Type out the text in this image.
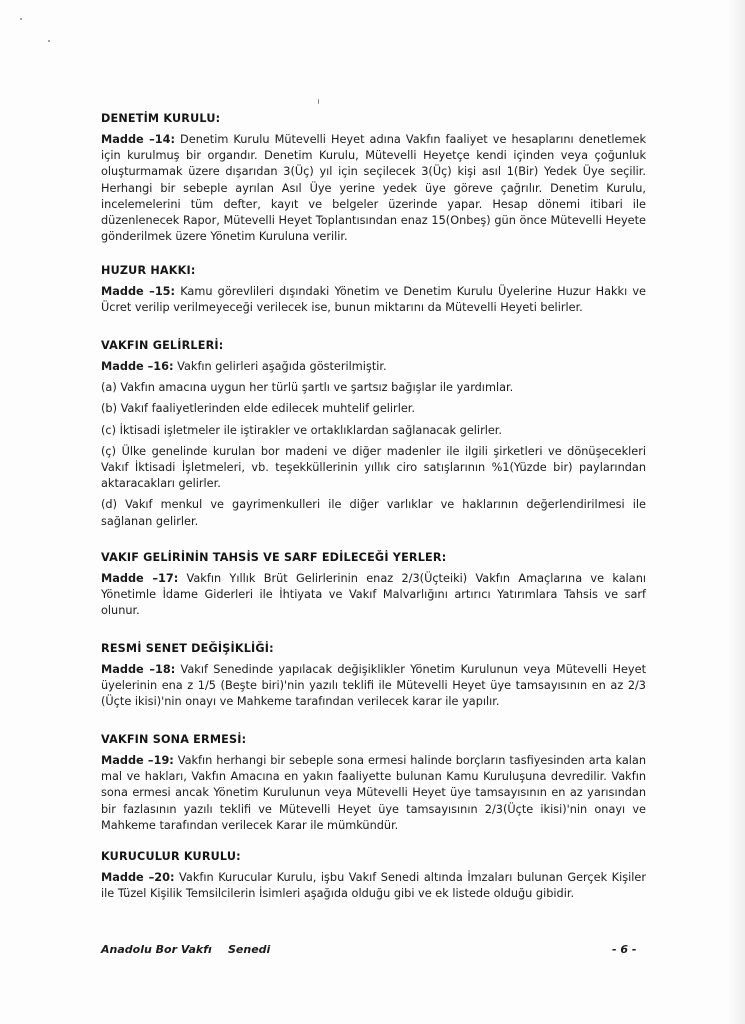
DENETİM KURULU:

Madde –14: Denetim Kurulu Mütevelli Heyet adına Vakfın faaliyet ve hesaplarını denetlemek için kurulmuş bir organdır. Denetim Kurulu, Mütevelli Heyetçe kendi içinden veya çoğunluk oluşturmamak üzere dışarıdan 3(Üç) yıl için seçilecek 3(Üç) kişi asıl 1(Bir) Yedek Üye seçilir. Herhangi bir sebeple ayrılan Asıl Üye yerine yedek üye göreve çağrılır. Denetim Kurulu, incelemelerini tüm defter, kayıt ve belgeler üzerinde yapar. Hesap dönemi itibari ile düzenlenecek Rapor, Mütevelli Heyet Toplantısından enaz 15(Onbeş) gün önce Mütevelli Heyete gönderilmek üzere Yönetim Kuruluna verilir.

HUZUR HAKKI:

Madde –15: Kamu görevlileri dışındaki Yönetim ve Denetim Kurulu Üyelerine Huzur Hakkı ve Ücret verilip verilmeyeceği verilecek ise, bunun miktarını da Mütevelli Heyeti belirler.

VAKFIN GELİRLERİ:

Madde –16: Vakfın gelirleri aşağıda gösterilmiştir.

(a) Vakfın amacına uygun her türlü şartlı ve şartsız bağışlar ile yardımlar.

(b) Vakıf faaliyetlerinden elde edilecek muhtelif gelirler.

(c) İktisadi işletmeler ile iştirakler ve ortaklıklardan sağlanacak gelirler.

(ç) Ülke genelinde kurulan bor madeni ve diğer madenler ile ilgili şirketleri ve dönüşecekleri Vakıf İktisadi İşletmeleri, vb. teşekküllerinin yıllık ciro satışlarının %1(Yüzde bir) paylarından aktaracakları gelirler.

(d) Vakıf menkul ve gayrimenkulleri ile diğer varlıklar ve haklarının değerlendirilmesi ile sağlanan gelirler.

VAKIF GELİRİNİN TAHSİS VE SARF EDİLECEĞİ YERLER:

Madde –17: Vakfın Yıllık Brüt Gelirlerinin enaz 2/3(Üçteiki) Vakfın Amaçlarına ve kalanı Yönetimle İdame Giderleri ile İhtiyata ve Vakıf Malvarlığını artırıcı Yatırımlara Tahsis ve sarf olunur.

RESMİ SENET DEĞİŞİKLİĞİ:

Madde –18: Vakıf Senedinde yapılacak değişiklikler Yönetim Kurulunun veya Mütevelli Heyet üyelerinin ena z 1/5 (Beşte biri)'nin yazılı teklifi ile Mütevelli Heyet üye tamsayısının en az 2/3 (Üçte ikisi)'nin onayı ve Mahkeme tarafından verilecek karar ile yapılır.

VAKFIN SONA ERMESİ:

Madde –19: Vakfın herhangi bir sebeple sona ermesi halinde borçların tasfiyesinden arta kalan mal ve hakları, Vakfın Amacına en yakın faaliyette bulunan Kamu Kuruluşuna devredilir. Vakfın sona ermesi ancak Yönetim Kurulunun veya Mütevelli Heyet üye tamsayısının en az yarısından bir fazlasının yazılı teklifi ve Mütevelli Heyet üye tamsayısının 2/3(Üçte ikisi)'nin onayı ve Mahkeme tarafından verilecek Karar ile mümkündür.

KURUCULUR KURULU:

Madde –20: Vakfın Kurucular Kurulu, işbu Vakıf Senedi altında İmzaları bulunan Gerçek Kişiler ile Tüzel Kişilik Temsilcilerin İsimleri aşağıda olduğu gibi ve ek listede olduğu gibidir.

Anadolu Bor Vakfı Senedi	- 6 -
